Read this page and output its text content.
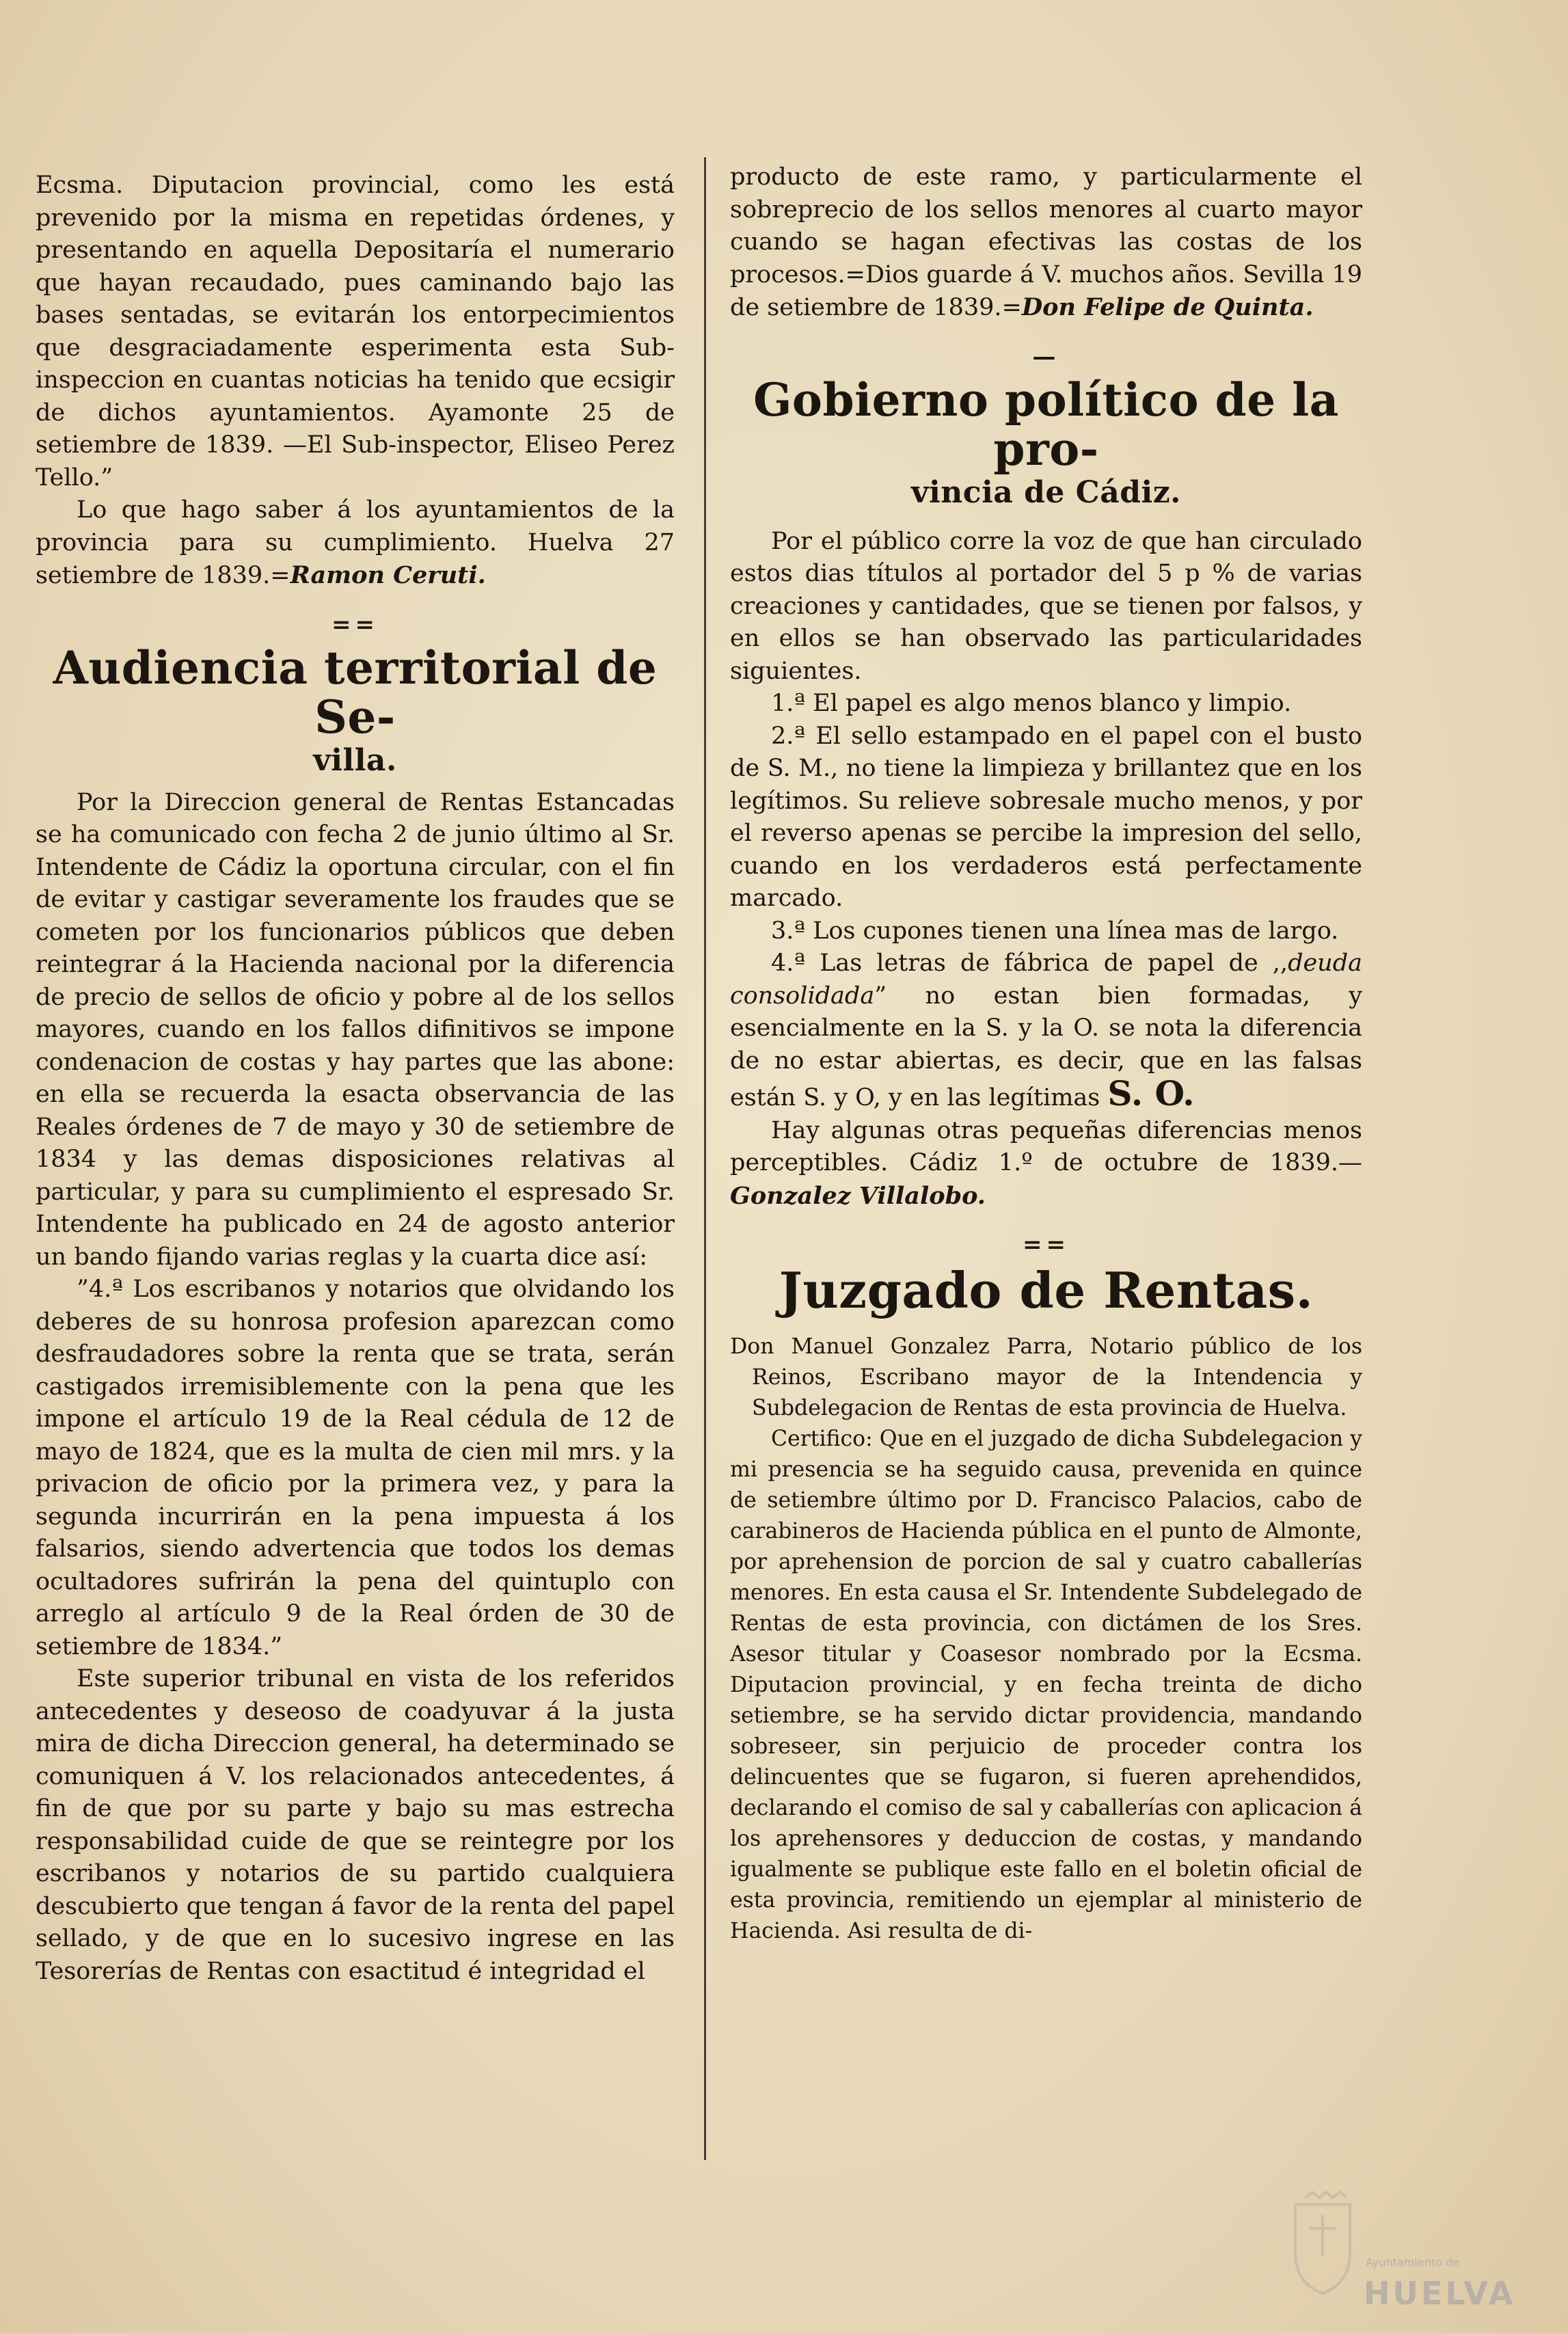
Ecsma. Diputacion provincial, como les está prevenido por la misma en repetidas órdenes, y presentando en aquella Depositaría el numerario que hayan recaudado, pues caminando bajo las bases sentadas, se evitarán los entorpecimientos que desgraciadamente esperimenta esta Sub-inspeccion en cuantas noticias ha tenido que ecsigir de dichos ayuntamientos. Ayamonte 25 de setiembre de 1839. —El Sub-inspector, Eliseo Perez Tello.”

Lo que hago saber á los ayuntamientos de la provincia para su cumplimiento. Huelva 27 setiembre de 1839.=Ramon Ceruti.

==
Audiencia territorial de Se-
villa.

Por la Direccion general de Rentas Estancadas se ha comunicado con fecha 2 de junio último al Sr. Intendente de Cádiz la oportuna circular, con el fin de evitar y castigar severamente los fraudes que se cometen por los funcionarios públicos que deben reintegrar á la Hacienda nacional por la diferencia de precio de sellos de oficio y pobre al de los sellos mayores, cuando en los fallos difinitivos se impone condenacion de costas y hay partes que las abone: en ella se recuerda la esacta observancia de las Reales órdenes de 7 de mayo y 30 de setiembre de 1834 y las demas disposiciones relativas al particular, y para su cumplimiento el espresado Sr. Intendente ha publicado en 24 de agosto anterior un bando fijando varias reglas y la cuarta dice así:

”4.ª Los escribanos y notarios que olvidando los deberes de su honrosa profesion aparezcan como desfraudadores sobre la renta que se trata, serán castigados irremisiblemente con la pena que les impone el artículo 19 de la Real cédula de 12 de mayo de 1824, que es la multa de cien mil mrs. y la privacion de oficio por la primera vez, y para la segunda incurrirán en la pena impuesta á los falsarios, siendo advertencia que todos los demas ocultadores sufrirán la pena del quintuplo con arreglo al artículo 9 de la Real órden de 30 de setiembre de 1834.”

Este superior tribunal en vista de los referidos antecedentes y deseoso de coadyuvar á la justa mira de dicha Direccion general, ha determinado se comuniquen á V. los relacionados antecedentes, á fin de que por su parte y bajo su mas estrecha responsabilidad cuide de que se reintegre por los escribanos y notarios de su partido cualquiera descubierto que tengan á favor de la renta del papel sellado, y de que en lo sucesivo ingrese en las Tesorerías de Rentas con esactitud é integridad el

producto de este ramo, y particularmente el sobreprecio de los sellos menores al cuarto mayor cuando se hagan efectivas las costas de los procesos.=Dios guarde á V. muchos años. Sevilla 19 de setiembre de 1839.=Don Felipe de Quinta.

—
Gobierno político de la pro-
vincia de Cádiz.

Por el público corre la voz de que han circulado estos dias títulos al portador del 5 p % de varias creaciones y cantidades, que se tienen por falsos, y en ellos se han observado las particularidades siguientes.

1.ª El papel es algo menos blanco y limpio.

2.ª El sello estampado en el papel con el busto de S. M., no tiene la limpieza y brillantez que en los legítimos. Su relieve sobresale mucho menos, y por el reverso apenas se percibe la impresion del sello, cuando en los verdaderos está perfectamente marcado.

3.ª Los cupones tienen una línea mas de largo.

4.ª Las letras de fábrica de papel de ,,deuda consolidada” no estan bien formadas, y esencialmente en la S. y la O. se nota la diferencia de no estar abiertas, es decir, que en las falsas están S. y O, y en las legítimas S. O.

Hay algunas otras pequeñas diferencias menos perceptibles. Cádiz 1.º de octubre de 1839.—Gonzalez Villalobo.

==
Juzgado de Rentas.

Don Manuel Gonzalez Parra, Notario público de los Reinos, Escribano mayor de la Intendencia y Subdelegacion de Rentas de esta provincia de Huelva.

Certifico: Que en el juzgado de dicha Subdelegacion y mi presencia se ha seguido causa, prevenida en quince de setiembre último por D. Francisco Palacios, cabo de carabineros de Hacienda pública en el punto de Almonte, por aprehension de porcion de sal y cuatro caballerías menores. En esta causa el Sr. Intendente Subdelegado de Rentas de esta provincia, con dictámen de los Sres. Asesor titular y Coasesor nombrado por la Ecsma. Diputacion provincial, y en fecha treinta de dicho setiembre, se ha servido dictar providencia, mandando sobreseer, sin perjuicio de proceder contra los delincuentes que se fugaron, si fueren aprehendidos, declarando el comiso de sal y caballerías con aplicacion á los aprehensores y deduccion de costas, y mandando igualmente se publique este fallo en el boletin oficial de esta provincia, remitiendo un ejemplar al ministerio de Hacienda. Asi resulta de di-

Ayuntamiento de
HUELVA
